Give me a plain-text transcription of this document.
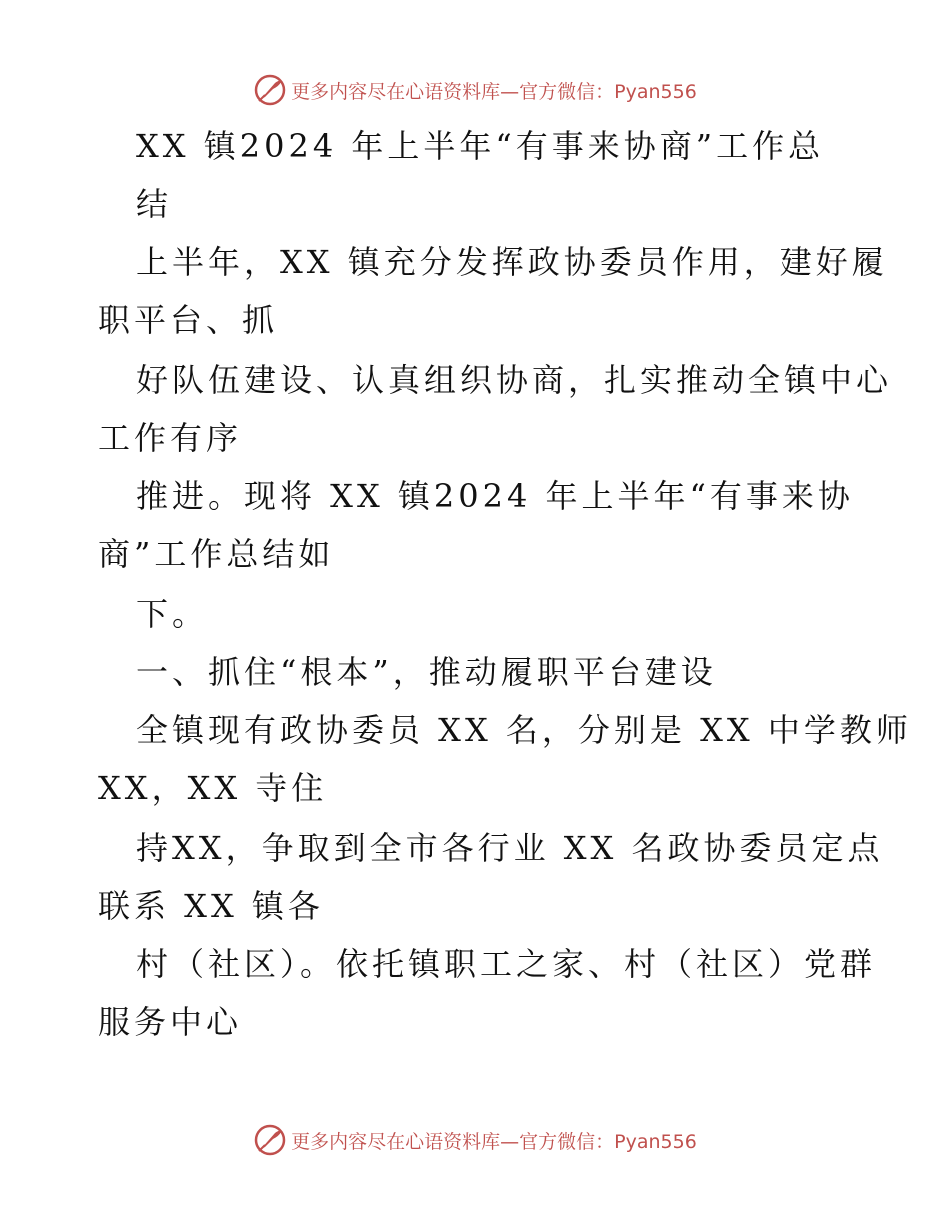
更多内容尽在心语资料库—官方微信：Pyan556
XX 镇2024 年上半年“有事来协商”工作总
结
上半年，XX 镇充分发挥政协委员作用，建好履
职平台、抓
好队伍建设、认真组织协商，扎实推动全镇中心
工作有序
推进。现将 XX 镇2024 年上半年“有事来协
商”工作总结如
下。
一、抓住“根本”，推动履职平台建设
全镇现有政协委员 XX 名，分别是 XX 中学教师
XX，XX 寺住
持XX，争取到全市各行业 XX 名政协委员定点
联系 XX 镇各
村（社区）。依托镇职工之家、村（社区）党群
服务中心
更多内容尽在心语资料库—官方微信：Pyan556
